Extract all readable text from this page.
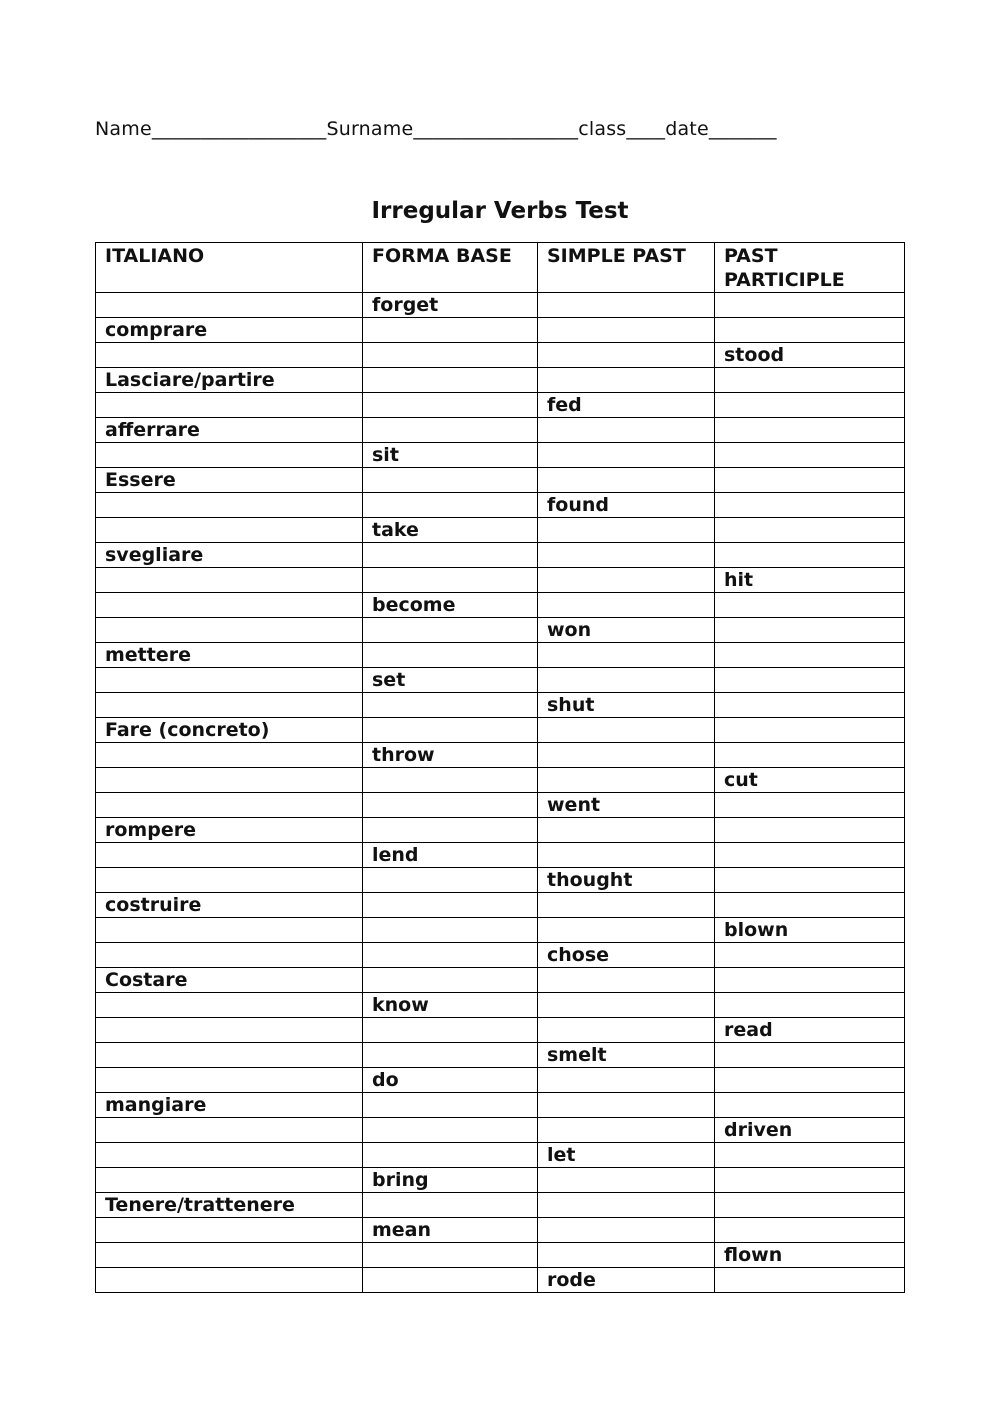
Name__________________Surname_________________class____date_______
Irregular Verbs Test
ITALIANO	FORMA BASE	SIMPLE PAST	PAST PARTICIPLE
	forget		
comprare			
			stood
Lasciare/partire			
		fed	
afferrare			
	sit		
Essere			
		found	
	take		
svegliare			
			hit
	become		
		won	
mettere			
	set		
		shut	
Fare (concreto)			
	throw		
			cut
		went	
rompere			
	lend		
		thought	
costruire			
			blown
		chose	
Costare			
	know		
			read
		smelt	
	do		
mangiare			
			driven
		let	
	bring		
Tenere/trattenere			
	mean		
			flown
		rode	
